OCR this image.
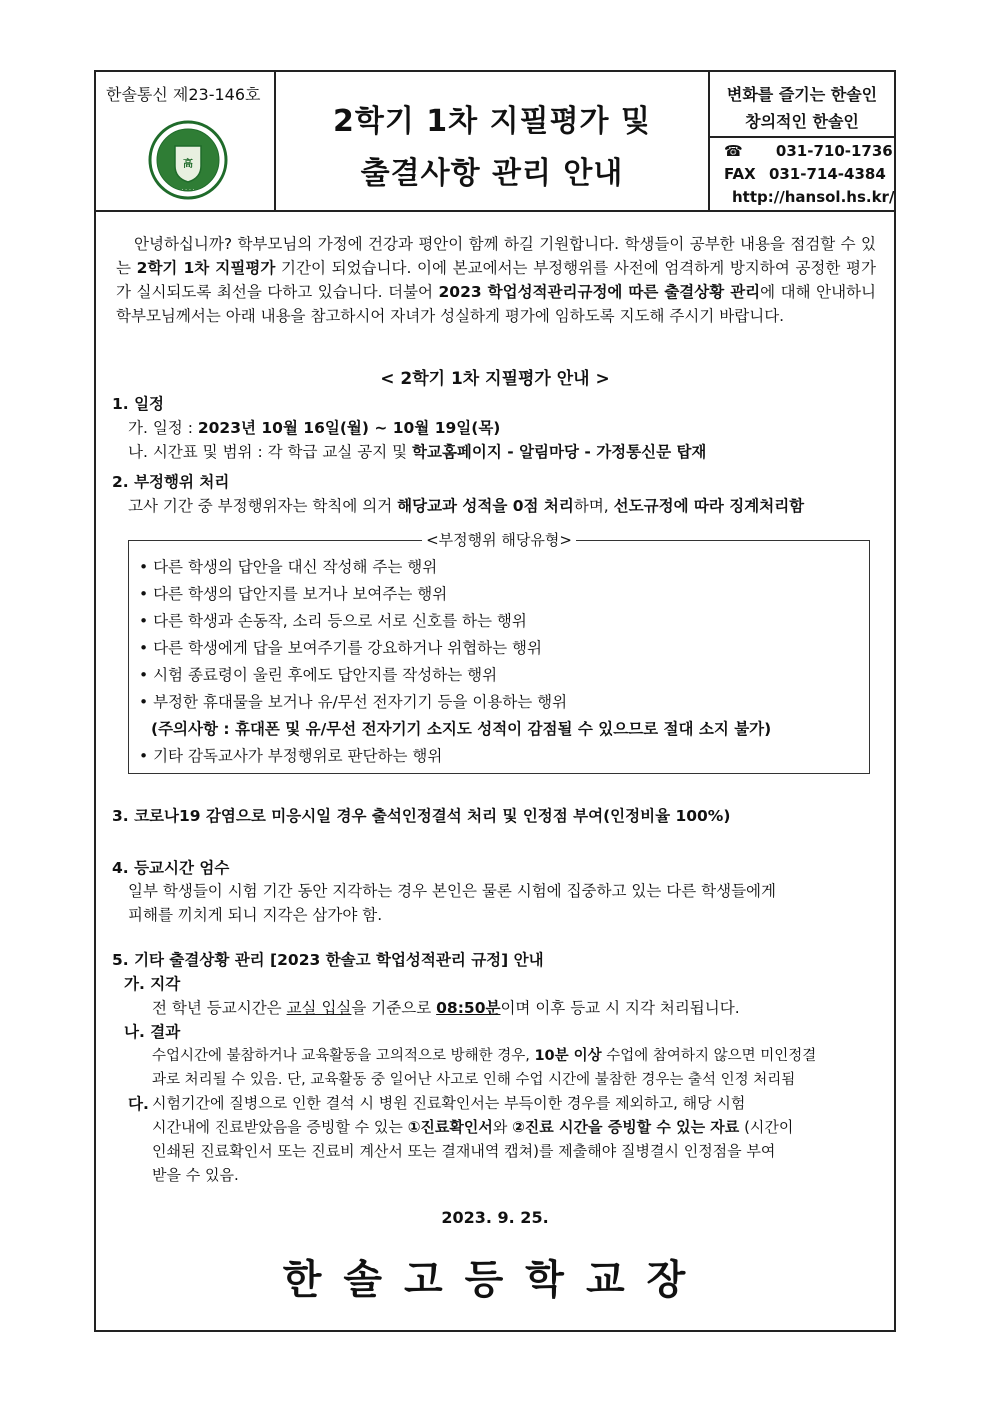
한솔통신 제23-146호
高
· · · ·
2학기 1차 지필평가 및
출결사항 관리 안내
변화를 즐기는 한솔인
창의적인 한솔인
☎ 031-710-1736
FAX 031-714-4384
http://hansol.hs.kr/
안녕하십니까? 학부모님의 가정에 건강과 평안이 함께 하길 기원합니다. 학생들이 공부한 내용을 점검할 수 있는 2학기 1차 지필평가 기간이 되었습니다. 이에 본교에서는 부정행위를 사전에 엄격하게 방지하여 공정한 평가가 실시되도록 최선을 다하고 있습니다. 더불어 2023 학업성적관리규정에 따른 출결상황 관리에 대해 안내하니 학부모님께서는 아래 내용을 참고하시어 자녀가 성실하게 평가에 임하도록 지도해 주시기 바랍니다.
< 2학기 1차 지필평가 안내 >
1. 일정
가. 일정 : 2023년 10월 16일(월) ~ 10월 19일(목)
나. 시간표 및 범위 : 각 학급 교실 공지 및 학교홈페이지 - 알림마당 - 가정통신문 탑재
2. 부정행위 처리
고사 기간 중 부정행위자는 학칙에 의거 해당교과 성적을 0점 처리하며, 선도규정에 따라 징계처리함
<부정행위 해당유형>
• 다른 학생의 답안을 대신 작성해 주는 행위
• 다른 학생의 답안지를 보거나 보여주는 행위
• 다른 학생과 손동작, 소리 등으로 서로 신호를 하는 행위
• 다른 학생에게 답을 보여주기를 강요하거나 위협하는 행위
• 시험 종료령이 울린 후에도 답안지를 작성하는 행위
• 부정한 휴대물을 보거나 유/무선 전자기기 등을 이용하는 행위
(주의사항 : 휴대폰 및 유/무선 전자기기 소지도 성적이 감점될 수 있으므로 절대 소지 불가)
• 기타 감독교사가 부정행위로 판단하는 행위
3. 코로나19 감염으로 미응시일 경우 출석인정결석 처리 및 인정점 부여(인정비율 100%)
4. 등교시간 엄수
일부 학생들이 시험 기간 동안 지각하는 경우 본인은 물론 시험에 집중하고 있는 다른 학생들에게
피해를 끼치게 되니 지각은 삼가야 함.
5. 기타 출결상황 관리 [2023 한솔고 학업성적관리 규정] 안내
가. 지각
전 학년 등교시간은 교실 입실을 기준으로 08:50분이며 이후 등교 시 지각 처리됩니다.
나. 결과
수업시간에 불참하거나 교육활동을 고의적으로 방해한 경우, 10분 이상 수업에 참여하지 않으면 미인정결
과로 처리될 수 있음. 단, 교육활동 중 일어난 사고로 인해 수업 시간에 불참한 경우는 출석 인정 처리됨
다. 시험기간에 질병으로 인한 결석 시 병원 진료확인서는 부득이한 경우를 제외하고, 해당 시험
시간내에 진료받았음을 증빙할 수 있는 ①진료확인서와 ②진료 시간을 증빙할 수 있는 자료 (시간이
인쇄된 진료확인서 또는 진료비 계산서 또는 결재내역 캡쳐)를 제출해야 질병결시 인정점을 부여
받을 수 있음.
2023. 9. 25.
한솔고등학교장
